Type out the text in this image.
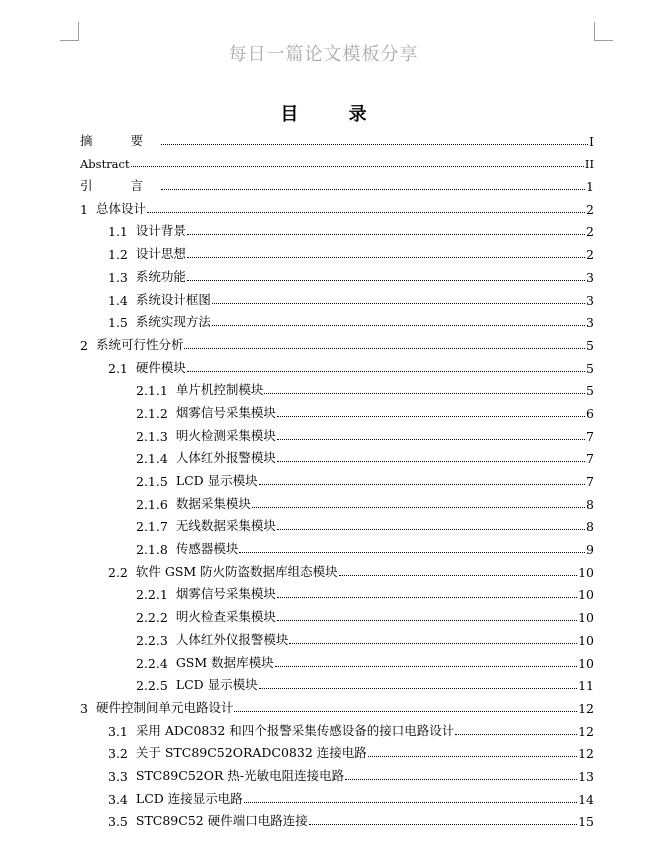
每日一篇论文模板分享
目 录
摘 要	I
Abstract	II
引 言	1
1 总体设计	2
1.1 设计背景	2
1.2 设计思想	2
1.3 系统功能	3
1.4 系统设计框图	3
1.5 系统实现方法	3
2 系统可行性分析	5
2.1 硬件模块	5
2.1.1 单片机控制模块	5
2.1.2 烟雾信号采集模块	6
2.1.3 明火检测采集模块	7
2.1.4 人体红外报警模块	7
2.1.5 LCD 显示模块	7
2.1.6 数据采集模块	8
2.1.7 无线数据采集模块	8
2.1.8 传感器模块	9
2.2 软件 GSM 防火防盗数据库组态模块	10
2.2.1 烟雾信号采集模块	10
2.2.2 明火检查采集模块	10
2.2.3 人体红外仪报警模块	10
2.2.4 GSM 数据库模块	10
2.2.5 LCD 显示模块	11
3 硬件控制间单元电路设计	12
3.1 采用 ADC0832 和四个报警采集传感设备的接口电路设计	12
3.2 关于 STC89C52ORADC0832 连接电路	12
3.3 STC89C52OR 热-光敏电阻连接电路	13
3.4 LCD 连接显示电路	14
3.5 STC89C52 硬件端口电路连接	15
